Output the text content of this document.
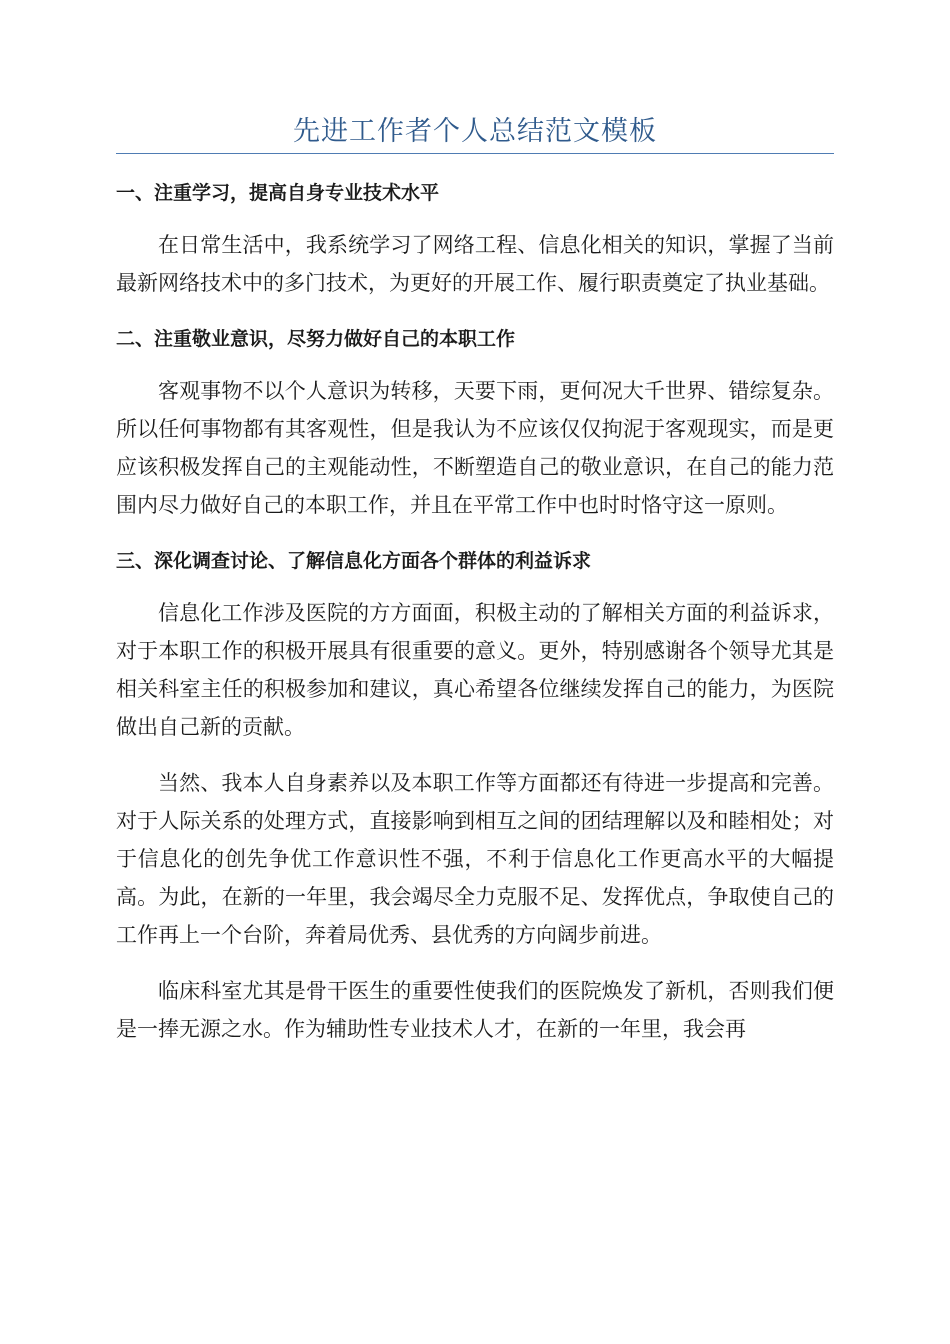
先进工作者个人总结范文模板
一、注重学习，提高自身专业技术水平

在日常生活中，我系统学习了网络工程、信息化相关的知识，掌握了当前最新网络技术中的多门技术，为更好的开展工作、履行职责奠定了执业基础。

二、注重敬业意识，尽努力做好自己的本职工作

客观事物不以个人意识为转移，天要下雨，更何况大千世界、错综复杂。所以任何事物都有其客观性，但是我认为不应该仅仅拘泥于客观现实，而是更应该积极发挥自己的主观能动性，不断塑造自己的敬业意识，在自己的能力范围内尽力做好自己的本职工作，并且在平常工作中也时时恪守这一原则。

三、深化调查讨论、了解信息化方面各个群体的利益诉求

信息化工作涉及医院的方方面面，积极主动的了解相关方面的利益诉求，对于本职工作的积极开展具有很重要的意义。更外，特别感谢各个领导尤其是相关科室主任的积极参加和建议，真心希望各位继续发挥自己的能力，为医院做出自己新的贡献。

当然、我本人自身素养以及本职工作等方面都还有待进一步提高和完善。对于人际关系的处理方式，直接影响到相互之间的团结理解以及和睦相处；对于信息化的创先争优工作意识性不强，不利于信息化工作更高水平的大幅提高。为此，在新的一年里，我会竭尽全力克服不足、发挥优点，争取使自己的工作再上一个台阶，奔着局优秀、县优秀的方向阔步前进。

临床科室尤其是骨干医生的重要性使我们的医院焕发了新机，否则我们便是一捧无源之水。作为辅助性专业技术人才，在新的一年里，我会再
